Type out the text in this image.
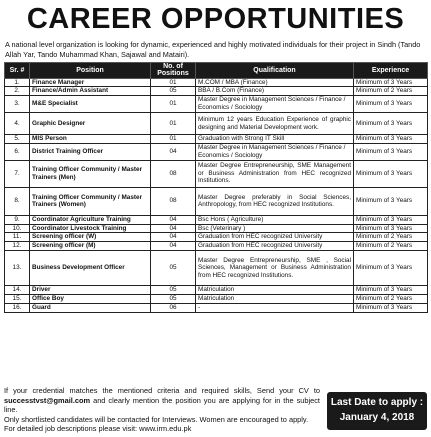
CAREER OPPORTUNITIES
A national level organization is looking for dynamic, experienced and highly motivated individuals for their project in Sindh (Tando Allah Yar, Tando Muhammad Khan, Sajawal and Matairi).
Sr. #	Position	No. of Positions	Qualification	Experience
1.	Finance Manager	01	M.COM / MBA (Finance)	Minimum of 3 Years
2.	Finance/Admin Assistant	05	BBA / B.Com (Finance)	Minimum of 2 Years
3.	M&E Specialist	01	Master Degree in Management Sciences / Finance / Economics / Sociology	Minimum of 3 Years
4.	Graphic Designer	01	Minimum 12 years Education Experience of graphic designing and Material Development work.	Minimum of 3 Years
5.	MIS Person	01	Graduation with Strong IT Skill	Minimum of 3 Years
6.	District Training Officer	04	Master Degree in Management Sciences / Finance / Economics / Sociology	Minimum of 3 Years
7.	Training Officer Community / Master Trainers (Men)	08	Master Degree Entrepreneurship, SME Management or Business Administration from HEC recognized Institutions.	Minimum of 3 Years
8.	Training Officer Community / Master Trainers (Women)	08	Master Degree preferably in Social Sciences, Anthropology, from HEC recognized Institutions.	Minimum of 3 Years
9.	Coordinator Agriculture Training	04	Bsc Hons ( Agriculture)	Minimum of 3 Years
10.	Coordinator Livestock Training	04	Bsc (Veterinary )	Minimum of 3 Years
11.	Screening officer (W)	04	Graduation from HEC recognized University	Minimum of 2 Years
12.	Screening officer (M)	04	Graduation from HEC recognized University	Minimum of 2 Years
13.	Business Development Officer	05	Master Degree Entrepreneurship, SME , Social Sciences, Management or Business Administration from HEC recognized Institutions.	Minimum of 3 Years
14.	Driver	05	Matriculation	Minimum of 3 Years
15.	Office Boy	05	Matriculation	Minimum of 2 Years
16.	Guard	06	-	Minimum of 3 Years
If your credential matches the mentioned criteria and required skills, Send your CV to successtvst@gmail.com and clearly mention the position you are applying for in the subject line.
Only shortlisted candidates will be contacted for Interviews. Women are encouraged to apply.
For detailed job descriptions please visit: www.irm.edu.pk
Last Date to apply :
January 4, 2018
